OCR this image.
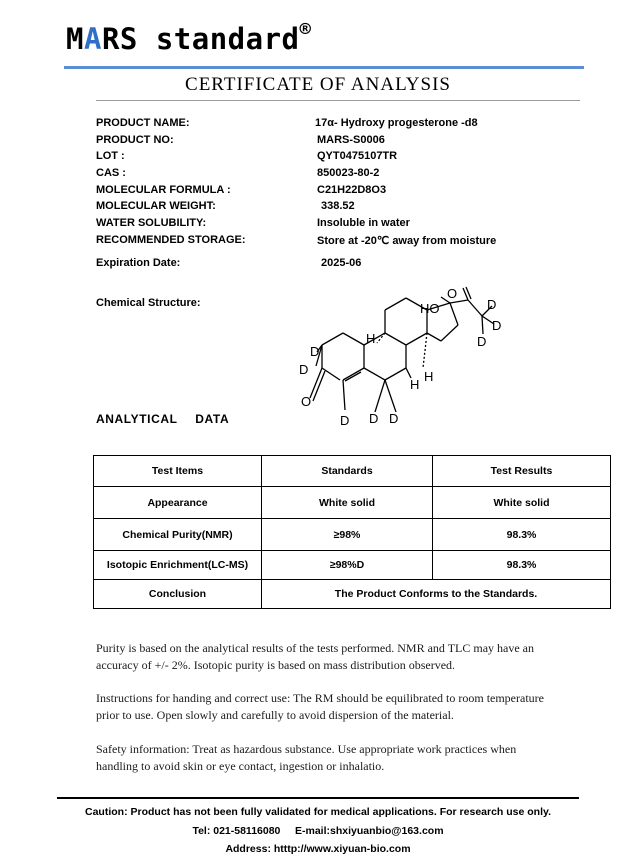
MARS standard®
CERTIFICATE OF ANALYSIS
PRODUCT NAME:	17α- Hydroxy progesterone -d8
PRODUCT NO:	MARS-S0006
LOT :	QYT0475107TR
CAS :	850023-80-2
MOLECULAR FORMULA :	C21H22D8O3
MOLECULAR WEIGHT:	338.52
WATER SOLUBILITY:	Insoluble in water
RECOMMENDED STORAGE:	Store at -20℃ away from moisture
Expiration Date:	2025-06
Chemical Structure:	HO
O
O
D
D
D
D
D
D D D
H
H
H
ANALYTICAL DATA
Test Items	Standards	Test Results
Appearance	White solid	White solid
Chemical Purity(NMR)	≥98%	98.3%
Isotopic Enrichment(LC-MS)	≥98%D	98.3%
Conclusion	The Product Conforms to the Standards.	
Purity is based on the analytical results of the tests performed. NMR and TLC may have an
accuracy of +/- 2%. Isotopic purity is based on mass distribution observed.
Instructions for handing and correct use: The RM should be equilibrated to room temperature
prior to use. Open slowly and carefully to avoid dispersion of the material.
Safety information: Treat as hazardous substance. Use appropriate work practices when
handling to avoid skin or eye contact, ingestion or inhalatio.
Caution: Product has not been fully validated for medical applications. For research use only.
Tel: 021-58116080 E-mail:shxiyuanbio@163.com
Address: htttp://www.xiyuan-bio.com
